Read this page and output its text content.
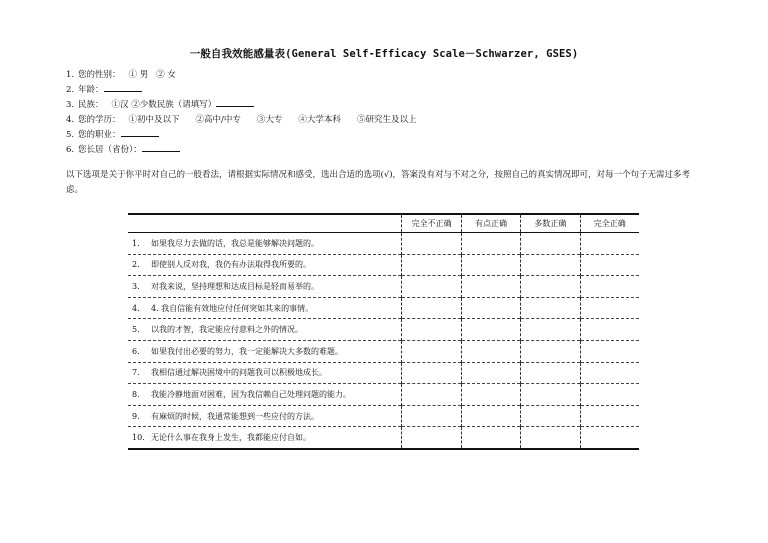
一般自我效能感量表(General Self-Efficacy Scale－Schwarzer, GSES)
1. 您的性别： ① 男 ② 女
2. 年龄：
3. 民族： ①汉 ②少数民族（请填写）
4. 您的学历： ①初中及以下 ②高中/中专 ③大专 ④大学本科 ⑤研究生及以上
5. 您的职业：
6. 您长居（省份）：
以下选项是关于你平时对自己的一般看法，请根据实际情况和感受，选出合适的选项(√)，答案没有对与不对之分，按照自己的真实情况即可，对每一个句子无需过多考虑。
	完全不正确	有点正确	多数正确	完全正确
1. 如果我尽力去做的话，我总是能够解决问题的。				
2. 即使别人反对我，我仍有办法取得我所要的。				
3. 对我来说，坚持理想和达成目标是轻而易举的。				
4. 4. 我自信能有效地应付任何突如其来的事情。				
5. 以我的才智，我定能应付意料之外的情况。				
6. 如果我付出必要的努力，我一定能解决大多数的难题。				
7. 我相信通过解决困境中的问题我可以积极地成长。				
8. 我能冷静地面对困难，因为我信赖自己处理问题的能力。				
9. 有麻烦的时候，我通常能想到一些应付的方法。				
10. 无论什么事在我身上发生，我都能应付自如。				
